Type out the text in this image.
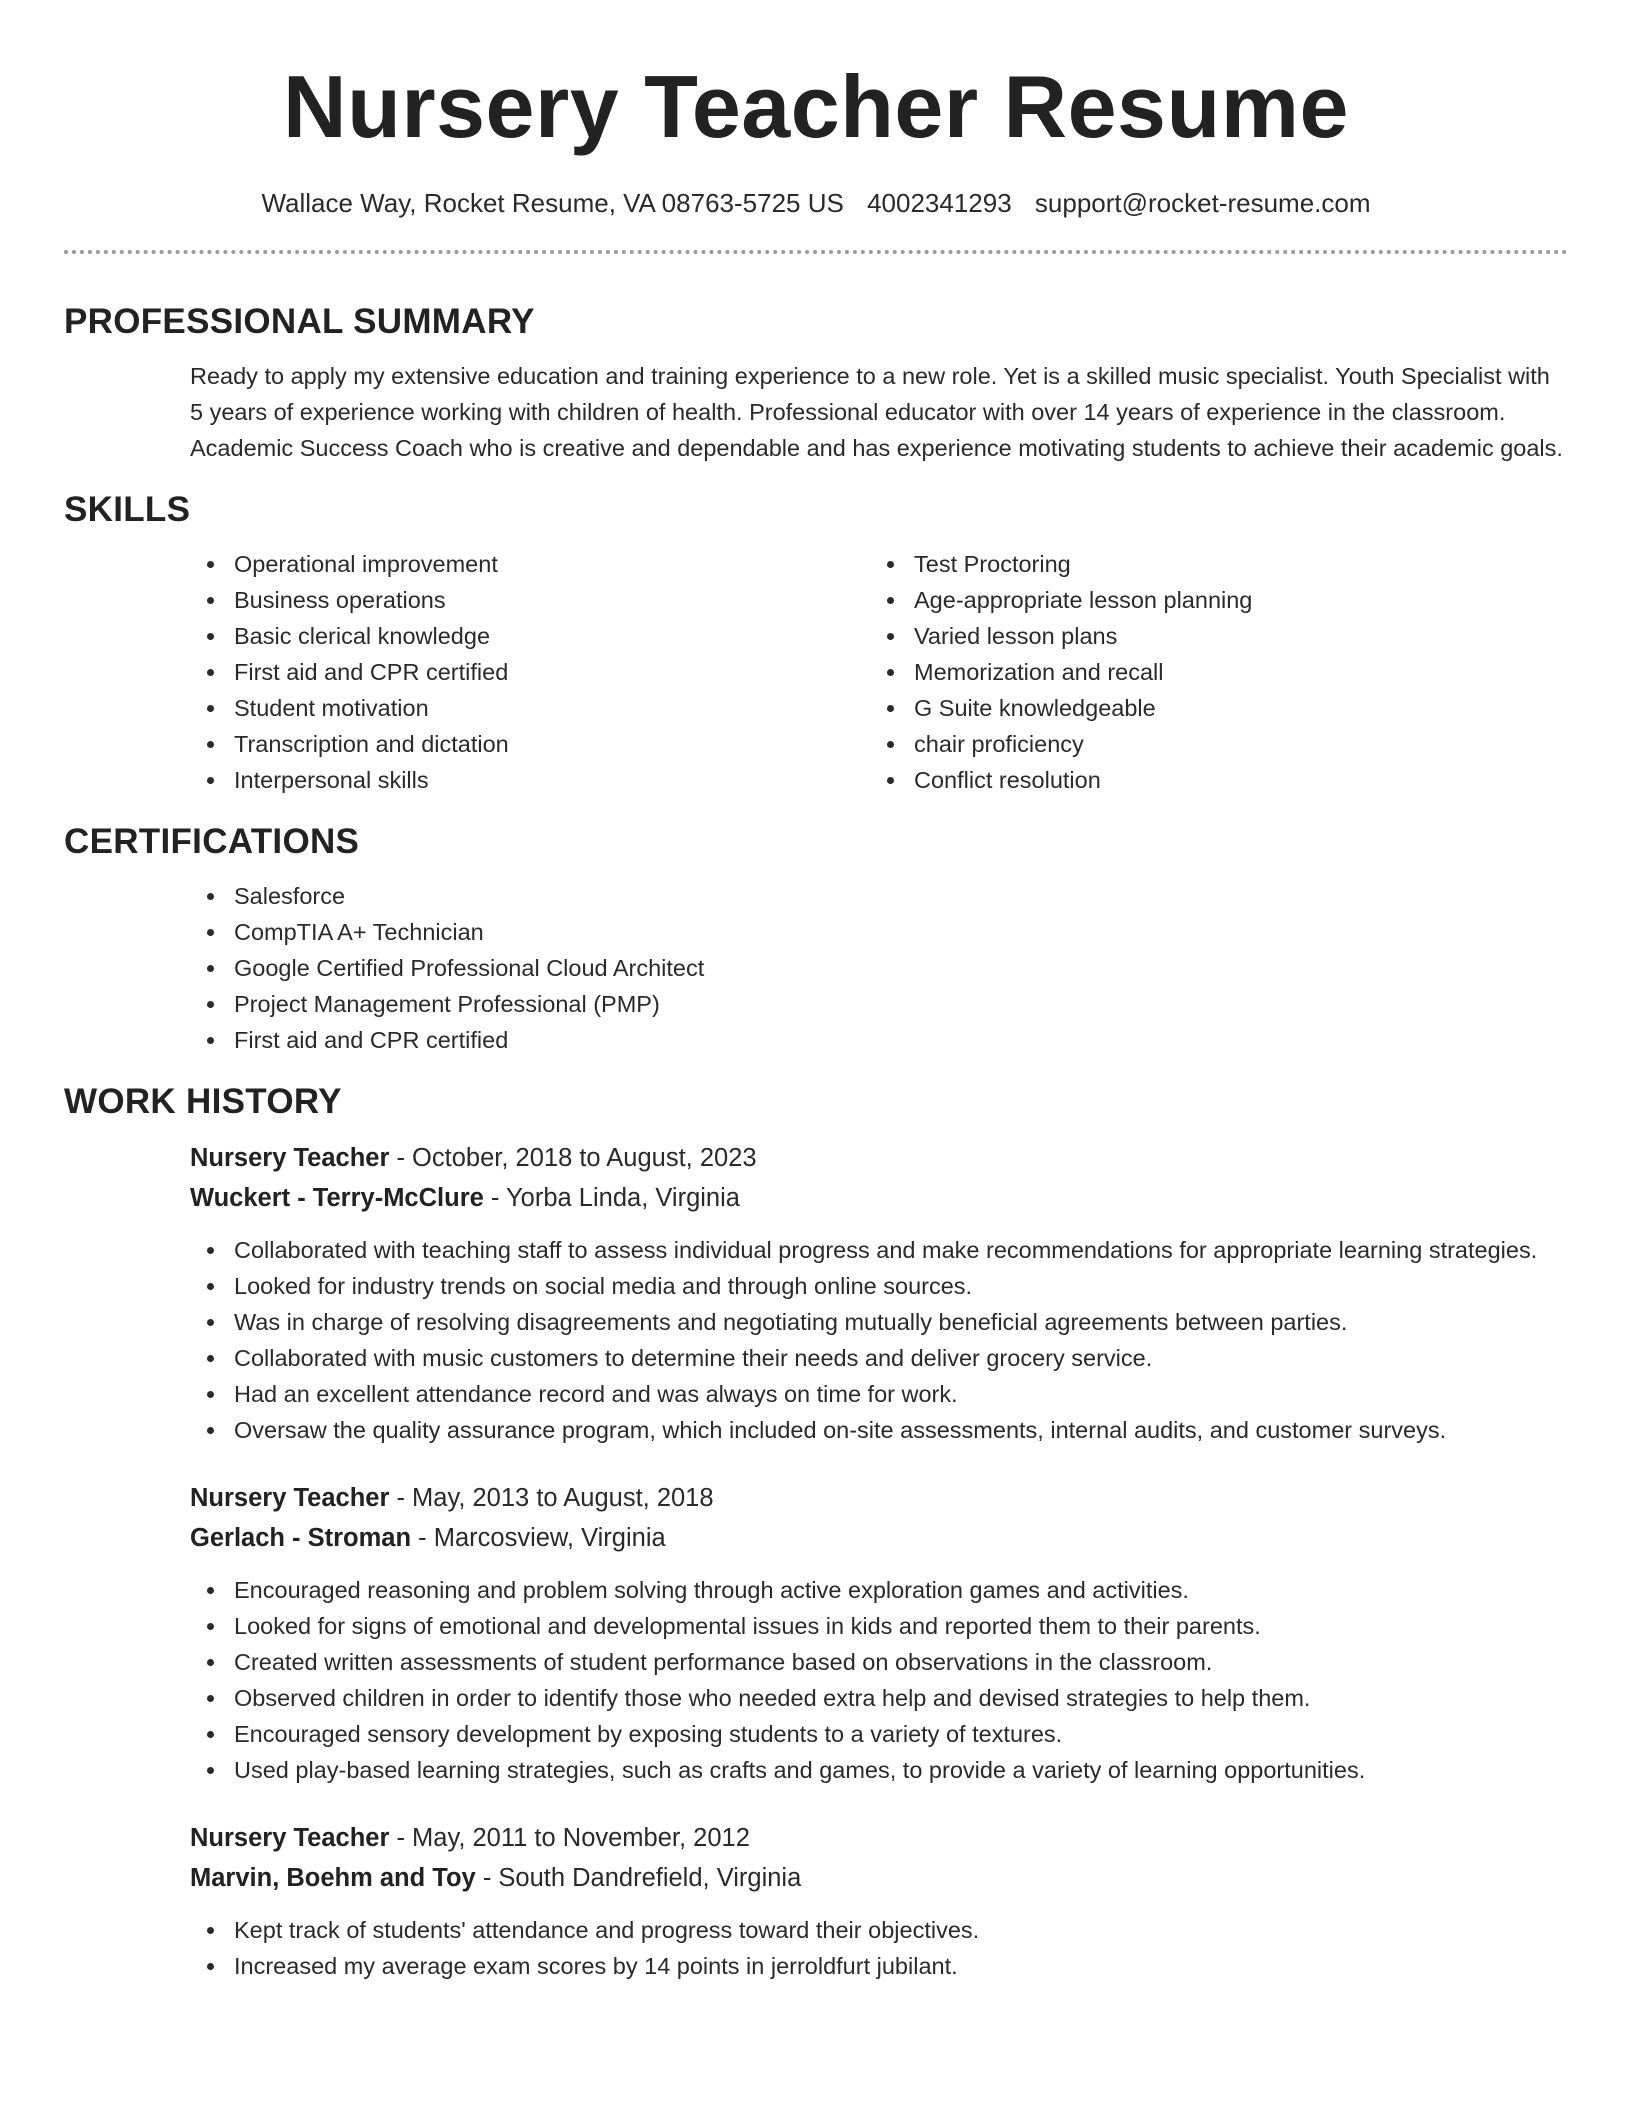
Nursery Teacher Resume
Wallace Way, Rocket Resume, VA 08763-5725 US 4002341293 support@rocket-resume.com
PROFESSIONAL SUMMARY

Ready to apply my extensive education and training experience to a new role. Yet is a skilled music specialist. Youth Specialist with 5 years of experience working with children of health. Professional educator with over 14 years of experience in the classroom. Academic Success Coach who is creative and dependable and has experience motivating students to achieve their academic goals.

SKILLS
Operational improvement
Business operations
Basic clerical knowledge
First aid and CPR certified
Student motivation
Transcription and dictation
Interpersonal skills
Test Proctoring
Age-appropriate lesson planning
Varied lesson plans
Memorization and recall
G Suite knowledgeable
chair proficiency
Conflict resolution
CERTIFICATIONS
Salesforce
CompTIA A+ Technician
Google Certified Professional Cloud Architect
Project Management Professional (PMP)
First aid and CPR certified
WORK HISTORY
Nursery Teacher - October, 2018 to August, 2023
Wuckert - Terry-McClure - Yorba Linda, Virginia
Collaborated with teaching staff to assess individual progress and make recommendations for appropriate learning strategies.
Looked for industry trends on social media and through online sources.
Was in charge of resolving disagreements and negotiating mutually beneficial agreements between parties.
Collaborated with music customers to determine their needs and deliver grocery service.
Had an excellent attendance record and was always on time for work.
Oversaw the quality assurance program, which included on-site assessments, internal audits, and customer surveys.
Nursery Teacher - May, 2013 to August, 2018
Gerlach - Stroman - Marcosview, Virginia
Encouraged reasoning and problem solving through active exploration games and activities.
Looked for signs of emotional and developmental issues in kids and reported them to their parents.
Created written assessments of student performance based on observations in the classroom.
Observed children in order to identify those who needed extra help and devised strategies to help them.
Encouraged sensory development by exposing students to a variety of textures.
Used play-based learning strategies, such as crafts and games, to provide a variety of learning opportunities.
Nursery Teacher - May, 2011 to November, 2012
Marvin, Boehm and Toy - South Dandrefield, Virginia
Kept track of students' attendance and progress toward their objectives.
Increased my average exam scores by 14 points in jerroldfurt jubilant.
